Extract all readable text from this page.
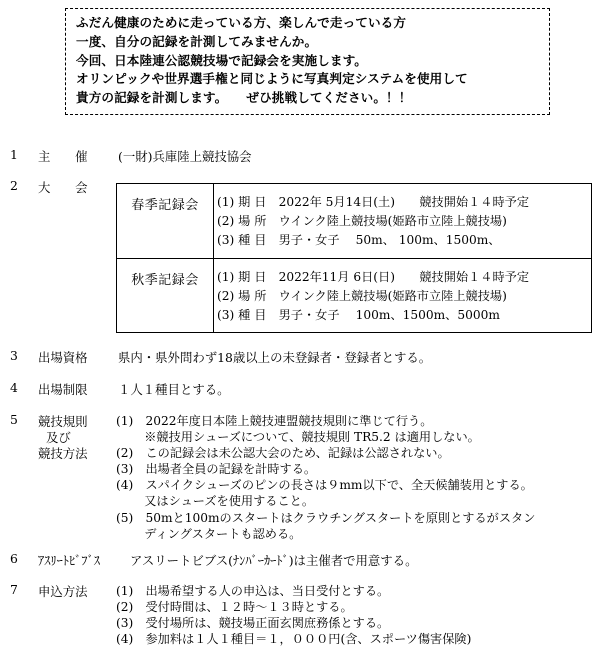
ふだん健康のために走っている方、楽しんで走っている方
一度、自分の記録を計測してみませんか。
今回、日本陸連公認競技場で記録会を実施します。
オリンピックや世界選手権と同じように写真判定システムを使用して
貴方の記録を計測します。　　ぜひ挑戦してください。！！
1	主　　催 (一財)兵庫陸上競技協会
2	大　　会
春季記録会	(1) 期 日　2022年 5月14日(土)　　競技開始１４時予定
(2) 場 所　ウインク陸上競技場(姫路市立陸上競技場)
(3) 種 目　男子・女子　 50m、 100m、1500m、
秋季記録会	(1) 期 日　2022年11月 6日(日)　　競技開始１４時予定
(2) 場 所　ウインク陸上競技場(姫路市立陸上競技場)
(3) 種 目　男子・女子　 100m、1500m、5000m
3	出場資格 県内・県外問わず18歳以上の未登録者・登録者とする。
4	出場制限 １人１種目とする。
5	競技規則
及び
競技方法
(1)　2022年度日本陸上競技連盟競技規則に準じて行う。
　　 ※競技用シューズについて、競技規則 TR5.2 は適用しない。
(2)　この記録会は未公認大会のため、記録は公認されない。
(3)　出場者全員の記録を計時する。
(4)　スパイクシューズのピンの長さは９mm以下で、全天候舗装用とする。
　　 又はシューズを使用すること。
(5)　50mと100mのスタートはクラウチングスタートを原則とするがスタン
　　 ディングスタートも認める。
6	ｱｽﾘｰﾄﾋﾞﾌﾞｽ アスリートビブス(ﾅﾝﾊﾞｰｶｰﾄﾞ)は主催者で用意する。
7	申込方法 (1)　出場希望する人の申込は、当日受付とする。
(2)　受付時間は、１２時～１３時とする。
(3)　受付場所は、競技場正面玄関庶務係とする。
(4)　参加料は１人１種目＝１，０００円(含、スポーツ傷害保険)
